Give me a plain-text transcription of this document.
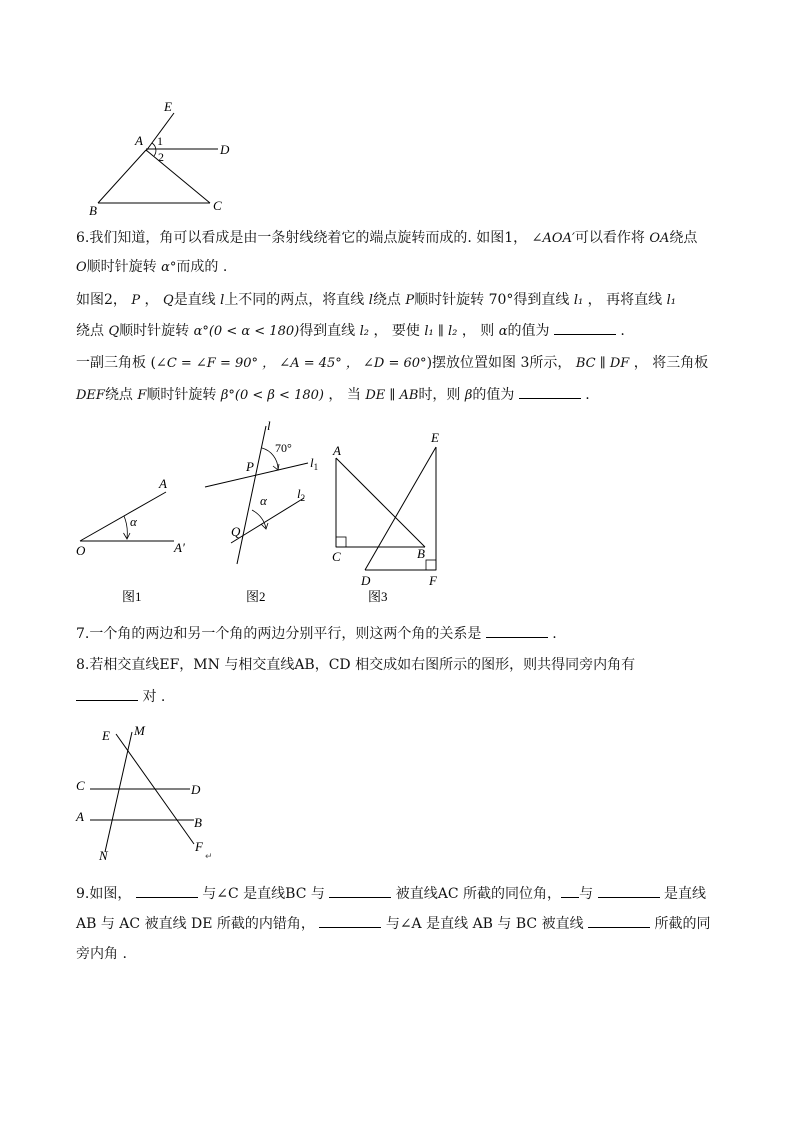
E
A 1
2	D
B	C
6.我们知道，角可以看成是由一条射线绕着它的端点旋转而成的. 如图1， ∠AOA′可以看作将 OA绕点
O顺时针旋转 α°而成的 .
如图2， P ， Q是直线 l上不同的两点，将直线 l绕点 P顺时针旋转 70°得到直线 l₁ ， 再将直线 l₁
绕点 Q顺时针旋转 α°(0 < α < 180)得到直线 l₂ ， 要使 l₁ ∥ l₂ ， 则 α的值为	.
一副三角板 (∠C = ∠F = 90° ， ∠A = 45° ， ∠D = 60°)摆放位置如图 3所示， BC ∥ DF ， 将三角板
DEF绕点 F顺时针旋转 β°(0 < β < 180) ， 当 DE ∥ AB时，则 β的值为	.
A
α
O	A′
图1
l
70°
P	$l_1$
α $l_2$
Q
图2
A
E
C	B
D	F
图3
7.一个角的两边和另一个角的两边分别平行，则这两个角的关系是	.
8.若相交直线EF，MN 与相交直线AB，CD 相交成如右图所示的图形，则共得同旁内角有
对 .
E M
C	D
A	B
N
F
↵
9.如图，	与∠C 是直线BC 与	被直线AC 所截的同位角， 与	是直线
AB 与 AC 被直线 DE 所截的内错角，	与∠A 是直线 AB 与 BC 被直线	所截的同
旁内角 .
